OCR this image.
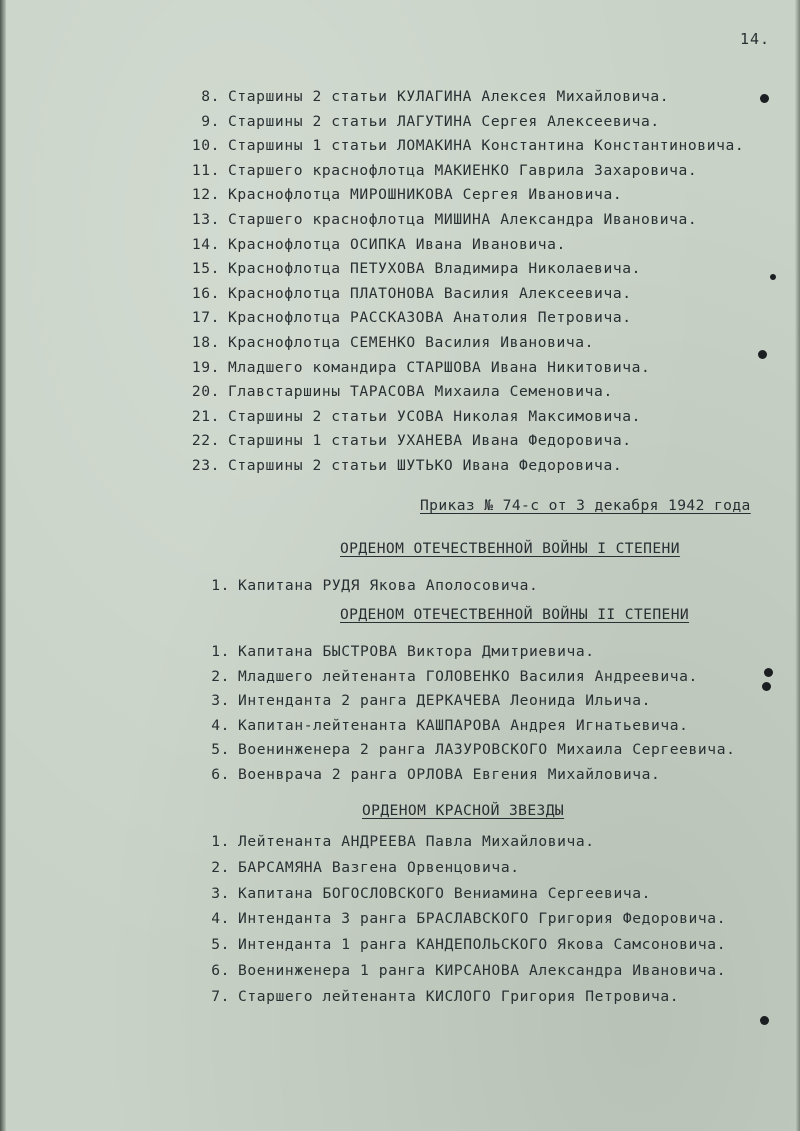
14.
8. Старшины 2 статьи КУЛАГИНА Алексея Михайловича.
9. Старшины 2 статьи ЛАГУТИНА Сергея Алексеевича.
10. Старшины 1 статьи ЛОМАКИНА Константина Константиновича.
11. Старшего краснофлотца МАКИЕНКО Гаврила Захаровича.
12. Краснофлотца МИРОШНИКОВА Сергея Ивановича.
13. Старшего краснофлотца МИШИНА Александра Ивановича.
14. Краснофлотца ОСИПКА Ивана Ивановича.
15. Краснофлотца ПЕТУХОВА Владимира Николаевича.
16. Краснофлотца ПЛАТОНОВА Василия Алексеевича.
17. Краснофлотца РАССКАЗОВА Анатолия Петровича.
18. Краснофлотца СЕМЕНКО Василия Ивановича.
19. Младшего командира СТАРШОВА Ивана Никитовича.
20. Главстаршины ТАРАСОВА Михаила Семеновича.
21. Старшины 2 статьи УСОВА Николая Максимовича.
22. Старшины 1 статьи УХАНЕВА Ивана Федоровича.
23. Старшины 2 статьи ШУТЬКО Ивана Федоровича.
Приказ № 74-с от 3 декабря 1942 года
ОРДЕНОМ ОТЕЧЕСТВЕННОЙ ВОЙНЫ I СТЕПЕНИ
1. Капитана РУДЯ Якова Аполосовича.
ОРДЕНОМ ОТЕЧЕСТВЕННОЙ ВОЙНЫ II СТЕПЕНИ
1. Капитана БЫСТРОВА Виктора Дмитриевича.
2. Младшего лейтенанта ГОЛОВЕНКО Василия Андреевича.
3. Интенданта 2 ранга ДЕРКАЧЕВА Леонида Ильича.
4. Капитан-лейтенанта КАШПАРОВА Андрея Игнатьевича.
5. Военинженера 2 ранга ЛАЗУРОВСКОГО Михаила Сергеевича.
6. Военврача 2 ранга ОРЛОВА Евгения Михайловича.
ОРДЕНОМ КРАСНОЙ ЗВЕЗДЫ
1. Лейтенанта АНДРЕЕВА Павла Михайловича.
2. БАРСАМЯНА Вазгена Орвенцовича.
3. Капитана БОГОСЛОВСКОГО Вениамина Сергеевича.
4. Интенданта 3 ранга БРАСЛАВСКОГО Григория Федоровича.
5. Интенданта 1 ранга КАНДЕПОЛЬСКОГО Якова Самсоновича.
6. Военинженера 1 ранга КИРСАНОВА Александра Ивановича.
7. Старшего лейтенанта КИСЛОГО Григория Петровича.
